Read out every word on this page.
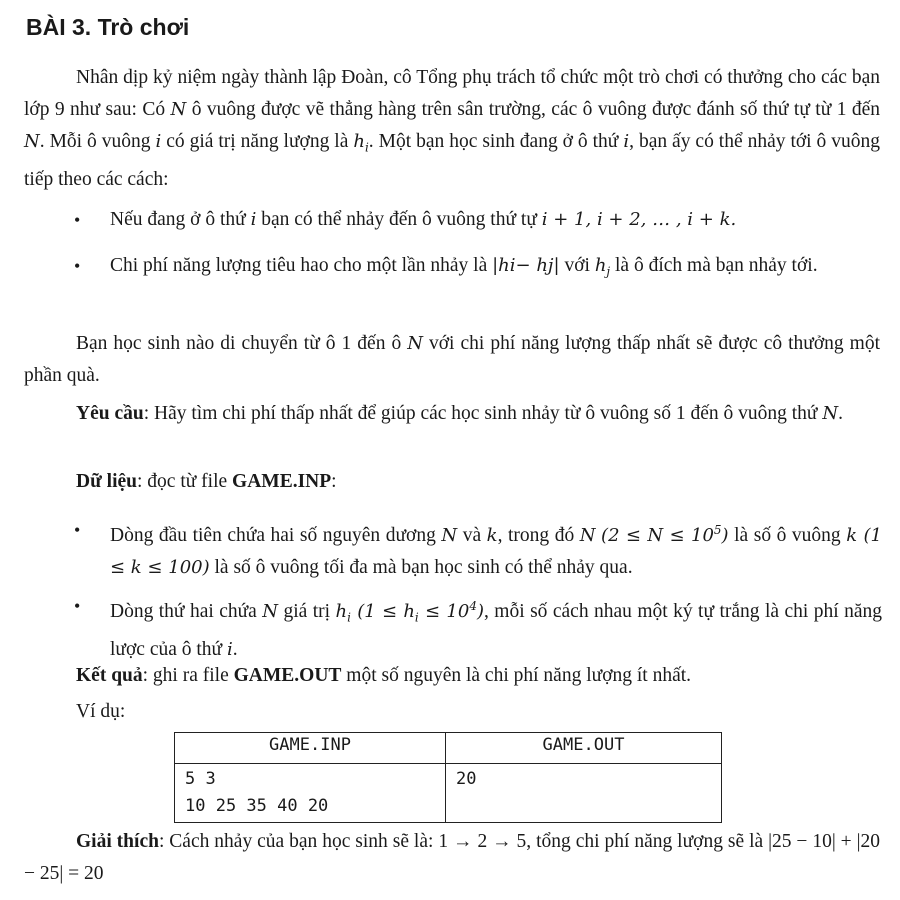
BÀI 3. Trò chơi

Nhân dịp kỷ niệm ngày thành lập Đoàn, cô Tổng phụ trách tổ chức một trò chơi có thưởng cho các bạn lớp 9 như sau: Có N ô vuông được vẽ thẳng hàng trên sân trường, các ô vuông được đánh số thứ tự từ 1 đến N. Mỗi ô vuông i có giá trị năng lượng là $h_i$. Một bạn học sinh đang ở ô thứ i, bạn ấy có thể nhảy tới ô vuông tiếp theo các cách:

•	Nếu đang ở ô thứ i bạn có thể nhảy đến ô vuông thứ tự i + 1, i + 2, … , i + k.
•	Chi phí năng lượng tiêu hao cho một lần nhảy là |hi− hj| với $h_j$ là ô đích mà bạn nhảy tới.

Bạn học sinh nào di chuyển từ ô 1 đến ô N với chi phí năng lượng thấp nhất sẽ được cô thưởng một phần quà.

Yêu cầu: Hãy tìm chi phí thấp nhất để giúp các học sinh nhảy từ ô vuông số 1 đến ô vuông thứ N.

Dữ liệu: đọc từ file GAME.INP:

•	Dòng đầu tiên chứa hai số nguyên dương N và k, trong đó N $(2 \le N \le 10^5)$ là số ô vuông k (1 ≤ k ≤ 100) là số ô vuông tối đa mà bạn học sinh có thể nhảy qua.
•	Dòng thứ hai chứa N giá trị $h_i$ $(1 \le h_i \le 10^4)$, mỗi số cách nhau một ký tự trắng là chi phí năng lược của ô thứ i.

Kết quả: ghi ra file GAME.OUT một số nguyên là chi phí năng lượng ít nhất.

Ví dụ:

GAME.INP	GAME.OUT

5 3
10 25 35 40 20	20

Giải thích: Cách nhảy của bạn học sinh sẽ là: 1 → 2 → 5, tổng chi phí năng lượng sẽ là |25 − 10| + |20 − 25| = 20
